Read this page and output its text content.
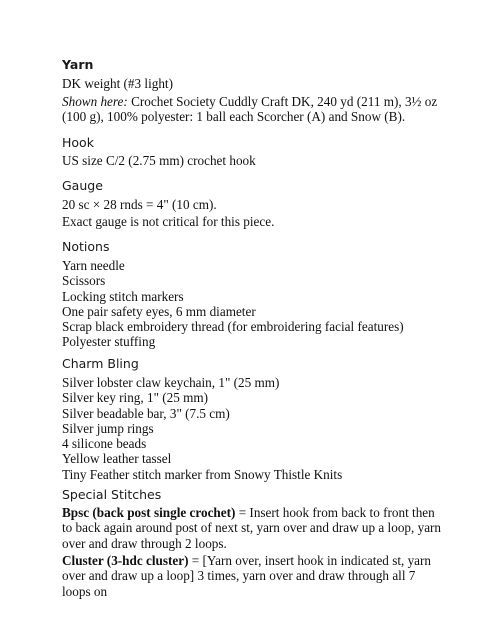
Yarn
DK weight (#3 light)
Shown here: Crochet Society Cuddly Craft DK, 240 yd (211 m), 3½ oz (100 g), 100% polyester: 1 ball each Scorcher (A) and Snow (B).
Hook
US size C/2 (2.75 mm) crochet hook
Gauge
20 sc × 28 rnds = 4" (10 cm).
Exact gauge is not critical for this piece.
Notions
Yarn needle
Scissors
Locking stitch markers
One pair safety eyes, 6 mm diameter
Scrap black embroidery thread (for embroidering facial features)
Polyester stuffing
Charm Bling
Silver lobster claw keychain, 1" (25 mm)
Silver key ring, 1" (25 mm)
Silver beadable bar, 3" (7.5 cm)
Silver jump rings
4 silicone beads
Yellow leather tassel
Tiny Feather stitch marker from Snowy Thistle Knits
Special Stitches
Bpsc (back post single crochet) = Insert hook from back to front then to back again around post of next st, yarn over and draw up a loop, yarn over and draw through 2 loops.
Cluster (3-hdc cluster) = [Yarn over, insert hook in indicated st, yarn over and draw up a loop] 3 times, yarn over and draw through all 7 loops on
